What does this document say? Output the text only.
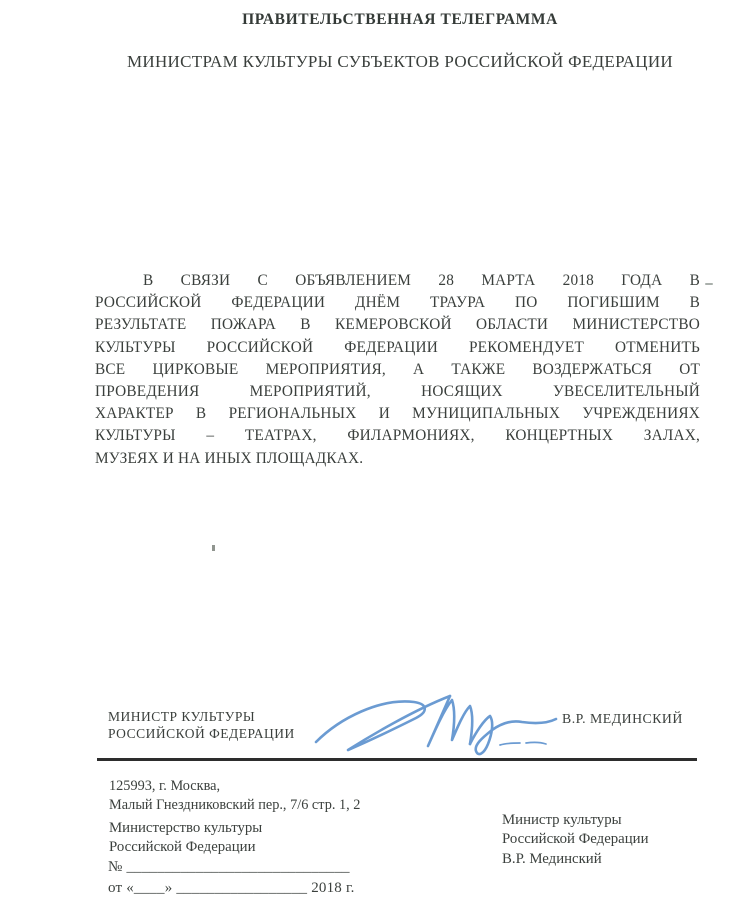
ПРАВИТЕЛЬСТВЕННАЯ ТЕЛЕГРАММА
МИНИСТРАМ КУЛЬТУРЫ СУБЪЕКТОВ РОССИЙСКОЙ ФЕДЕРАЦИИ
В СВЯЗИ С ОБЪЯВЛЕНИЕМ 28 МАРТА 2018 ГОДА В
РОССИЙСКОЙ ФЕДЕРАЦИИ ДНЁМ ТРАУРА ПО ПОГИБШИМ В
РЕЗУЛЬТАТЕ ПОЖАРА В КЕМЕРОВСКОЙ ОБЛАСТИ МИНИСТЕРСТВО
КУЛЬТУРЫ РОССИЙСКОЙ ФЕДЕРАЦИИ РЕКОМЕНДУЕТ ОТМЕНИТЬ
ВСЕ ЦИРКОВЫЕ МЕРОПРИЯТИЯ, А ТАКЖЕ ВОЗДЕРЖАТЬСЯ ОТ
ПРОВЕДЕНИЯ МЕРОПРИЯТИЙ, НОСЯЩИХ УВЕСЕЛИТЕЛЬНЫЙ
ХАРАКТЕР В РЕГИОНАЛЬНЫХ И МУНИЦИПАЛЬНЫХ УЧРЕЖДЕНИЯХ
КУЛЬТУРЫ – ТЕАТРАХ, ФИЛАРМОНИЯХ, КОНЦЕРТНЫХ ЗАЛАХ,
МУЗЕЯХ И НА ИНЫХ ПЛОЩАДКАХ.
МИНИСТР КУЛЬТУРЫ
РОССИЙСКОЙ ФЕДЕРАЦИИ
В.Р. МЕДИНСКИЙ
125993, г. Москва,
Малый Гнездниковский пер., 7/6 стр. 1, 2
Министерство культуры
Российской Федерации
№ _____________________________
от «____» _________________ 2018 г.
Министр культуры
Российской Федерации
В.Р. Мединский
